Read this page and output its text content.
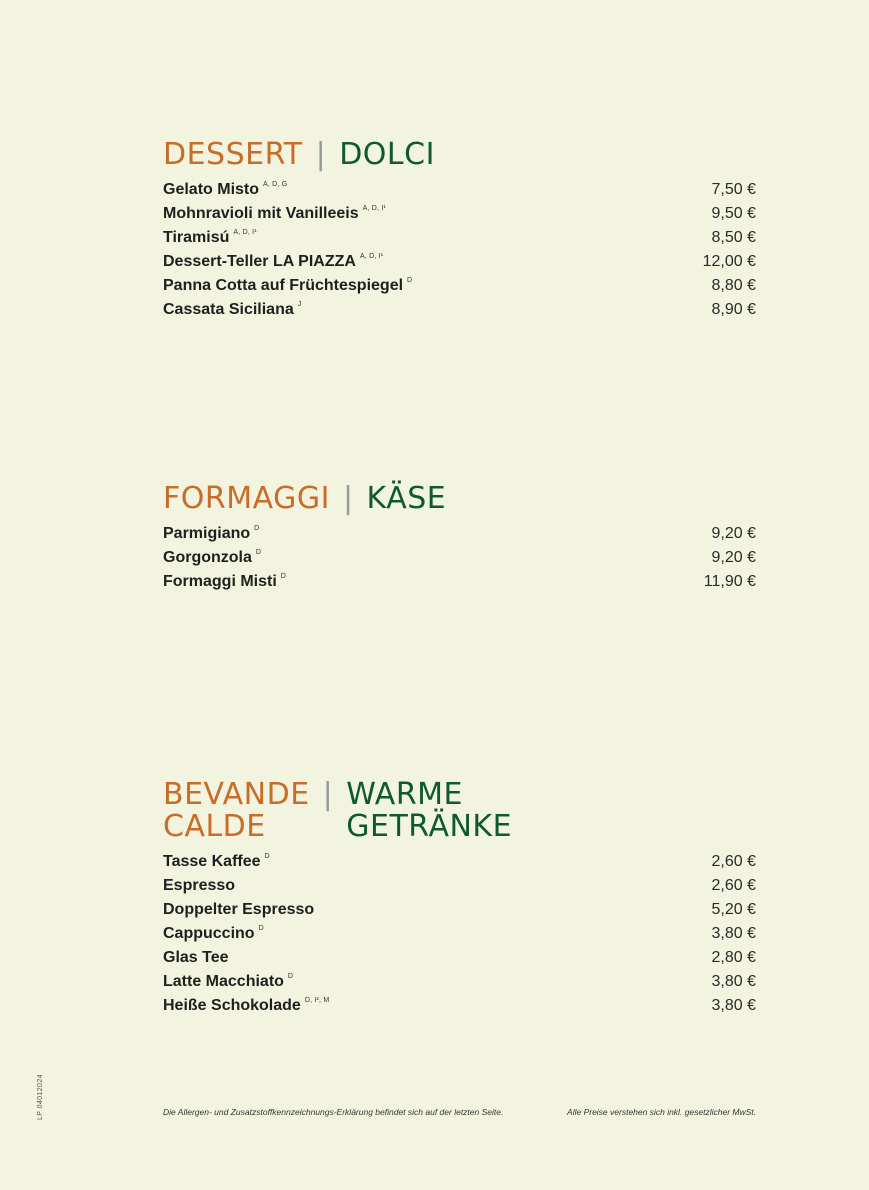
DESSERT | DOLCI
Gelato Misto $^{A, D, G}$	7,50 €
Mohnravioli mit Vanilleeis $^{A, D, I^1}$	9,50 €
Tiramisú $^{A, D, I^1}$	8,50 €
Dessert-Teller LA PIAZZA $^{A, D, I^1}$	12,00 €
Panna Cotta auf Früchtespiegel $^D$	8,80 €
Cassata Siciliana $^J$	8,90 €
FORMAGGI | KÄSE
Parmigiano $^D$	9,20 €
Gorgonzola $^D$	9,20 €
Formaggi Misti $^D$	11,90 €
BEVANDE
CALDE
| WARME
GETRÄNKE
Tasse Kaffee $^D$	2,60 €
Espresso	2,60 €
Doppelter Espresso	5,20 €
Cappuccino $^D$	3,80 €
Glas Tee	2,80 €
Latte Macchiato $^D$	3,80 €
Heiße Schokolade $^{D, I^2, M}$	3,80 €
Die Allergen- und Zusatzstoffkennzeichnungs-Erklärung befindet sich auf der letzten Seite.	Alle Preise verstehen sich inkl. gesetzlicher MwSt.
LP 04012024
